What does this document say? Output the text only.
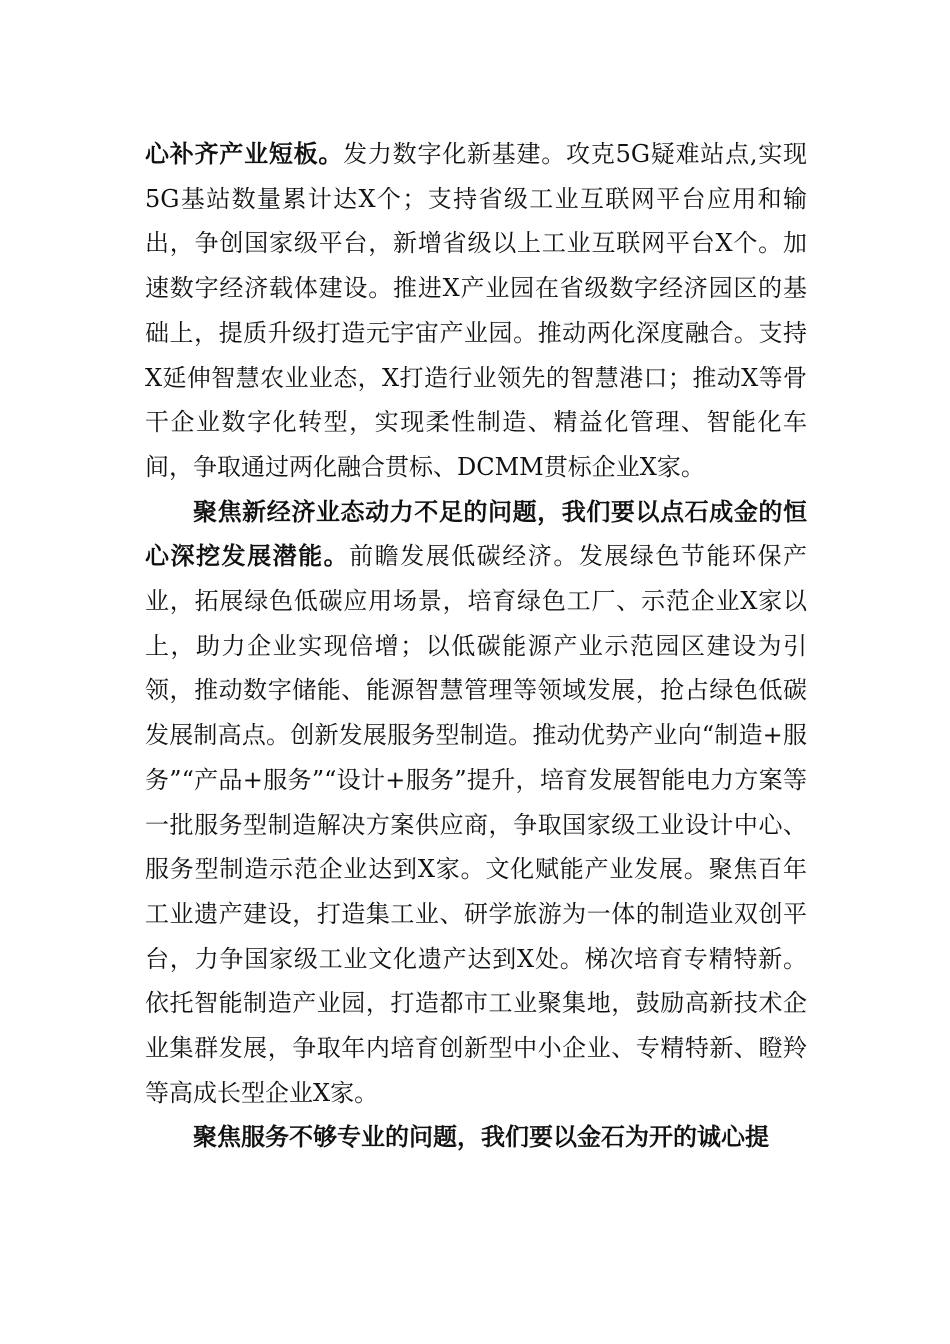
心补齐产业短板。发力数字化新基建。攻克5G疑难站点,实现5G基站数量累计达X个；支持省级工业互联网平台应用和输出，争创国家级平台，新增省级以上工业互联网平台X个。加速数字经济载体建设。推进X产业园在省级数字经济园区的基础上，提质升级打造元宇宙产业园。推动两化深度融合。支持X延伸智慧农业业态，X打造行业领先的智慧港口；推动X等骨干企业数字化转型，实现柔性制造、精益化管理、智能化车间，争取通过两化融合贯标、DCMM贯标企业X家。

聚焦新经济业态动力不足的问题，我们要以点石成金的恒心深挖发展潜能。前瞻发展低碳经济。发展绿色节能环保产业，拓展绿色低碳应用场景，培育绿色工厂、示范企业X家以上，助力企业实现倍增；以低碳能源产业示范园区建设为引领，推动数字储能、能源智慧管理等领域发展，抢占绿色低碳发展制高点。创新发展服务型制造。推动优势产业向“制造+服务”“产品+服务”“设计+服务”提升，培育发展智能电力方案等一批服务型制造解决方案供应商，争取国家级工业设计中心、服务型制造示范企业达到X家。文化赋能产业发展。聚焦百年工业遗产建设，打造集工业、研学旅游为一体的制造业双创平台，力争国家级工业文化遗产达到X处。梯次培育专精特新。依托智能制造产业园，打造都市工业聚集地，鼓励高新技术企业集群发展，争取年内培育创新型中小企业、专精特新、瞪羚等高成长型企业X家。

聚焦服务不够专业的问题，我们要以金石为开的诚心提
